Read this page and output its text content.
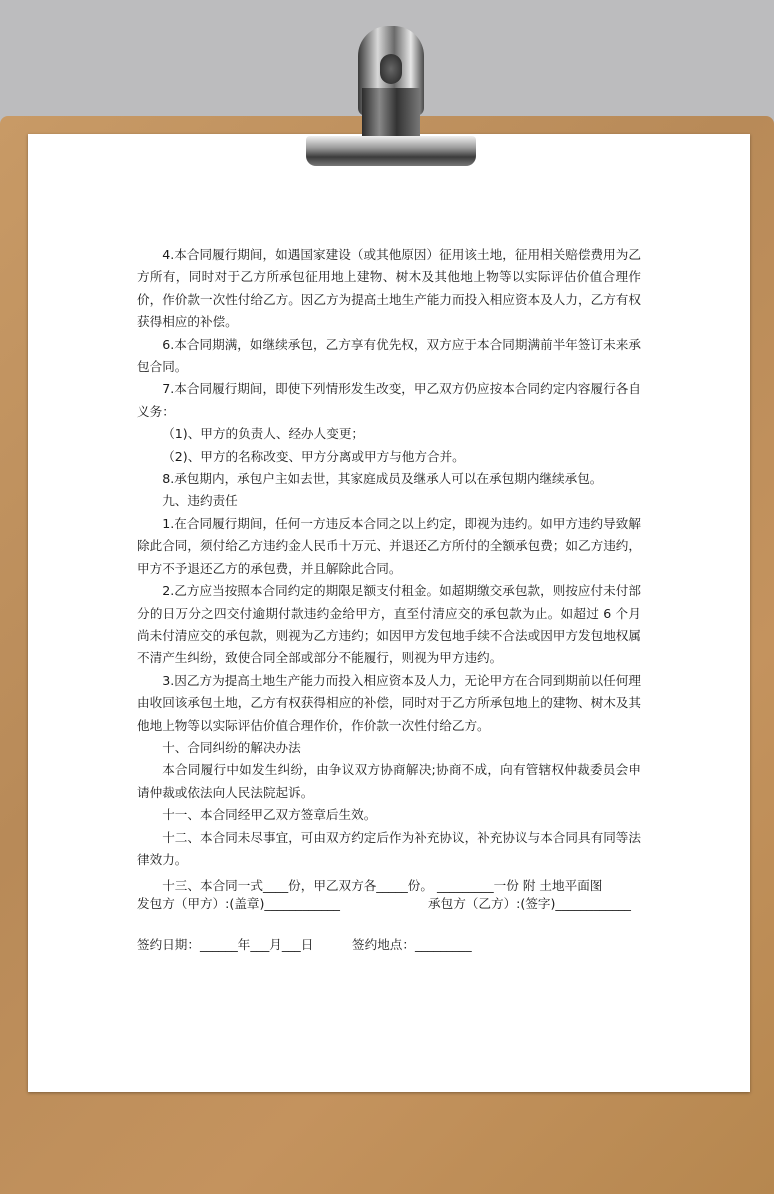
4.本合同履行期间，如遇国家建设（或其他原因）征用该土地，征用相关赔偿费用为乙方所有，同时对于乙方所承包征用地上建物、树木及其他地上物等以实际评估价值合理作价，作价款一次性付给乙方。因乙方为提高土地生产能力而投入相应资本及人力，乙方有权获得相应的补偿。

6.本合同期满，如继续承包，乙方享有优先权，双方应于本合同期满前半年签订未来承包合同。

7.本合同履行期间，即使下列情形发生改变，甲乙双方仍应按本合同约定内容履行各自义务：

（1)、甲方的负责人、经办人变更；

（2)、甲方的名称改变、甲方分离或甲方与他方合并。

8.承包期内，承包户主如去世，其家庭成员及继承人可以在承包期内继续承包。

九、违约责任

1.在合同履行期间，任何一方违反本合同之以上约定，即视为违约。如甲方违约导致解除此合同，须付给乙方违约金人民币十万元、并退还乙方所付的全额承包费；如乙方违约，甲方不予退还乙方的承包费，并且解除此合同。

2.乙方应当按照本合同约定的期限足额支付租金。如超期缴交承包款，则按应付未付部分的日万分之四交付逾期付款违约金给甲方，直至付清应交的承包款为止。如超过 6 个月尚未付清应交的承包款，则视为乙方违约；如因甲方发包地手续不合法或因甲方发包地权属不清产生纠纷，致使合同全部或部分不能履行，则视为甲方违约。

3.因乙方为提高土地生产能力而投入相应资本及人力，无论甲方在合同到期前以任何理由收回该承包土地，乙方有权获得相应的补偿，同时对于乙方所承包地上的建物、树木及其他地上物等以实际评估价值合理作价，作价款一次性付给乙方。

十、合同纠纷的解决办法

本合同履行中如发生纠纷，由争议双方协商解决;协商不成，向有管辖权仲裁委员会申请仲裁或依法向人民法院起诉。

十一、本合同经甲乙双方签章后生效。

十二、本合同未尽事宜，可由双方约定后作为补充协议，补充协议与本合同具有同等法律效力。

十三、本合同一式____份，甲乙双方各_____份。 _________一份 附 土地平面图

发包方（甲方）:(盖章)____________	承包方（乙方）:(签字)____________
签约日期：______年___月___日	签约地点：_________
